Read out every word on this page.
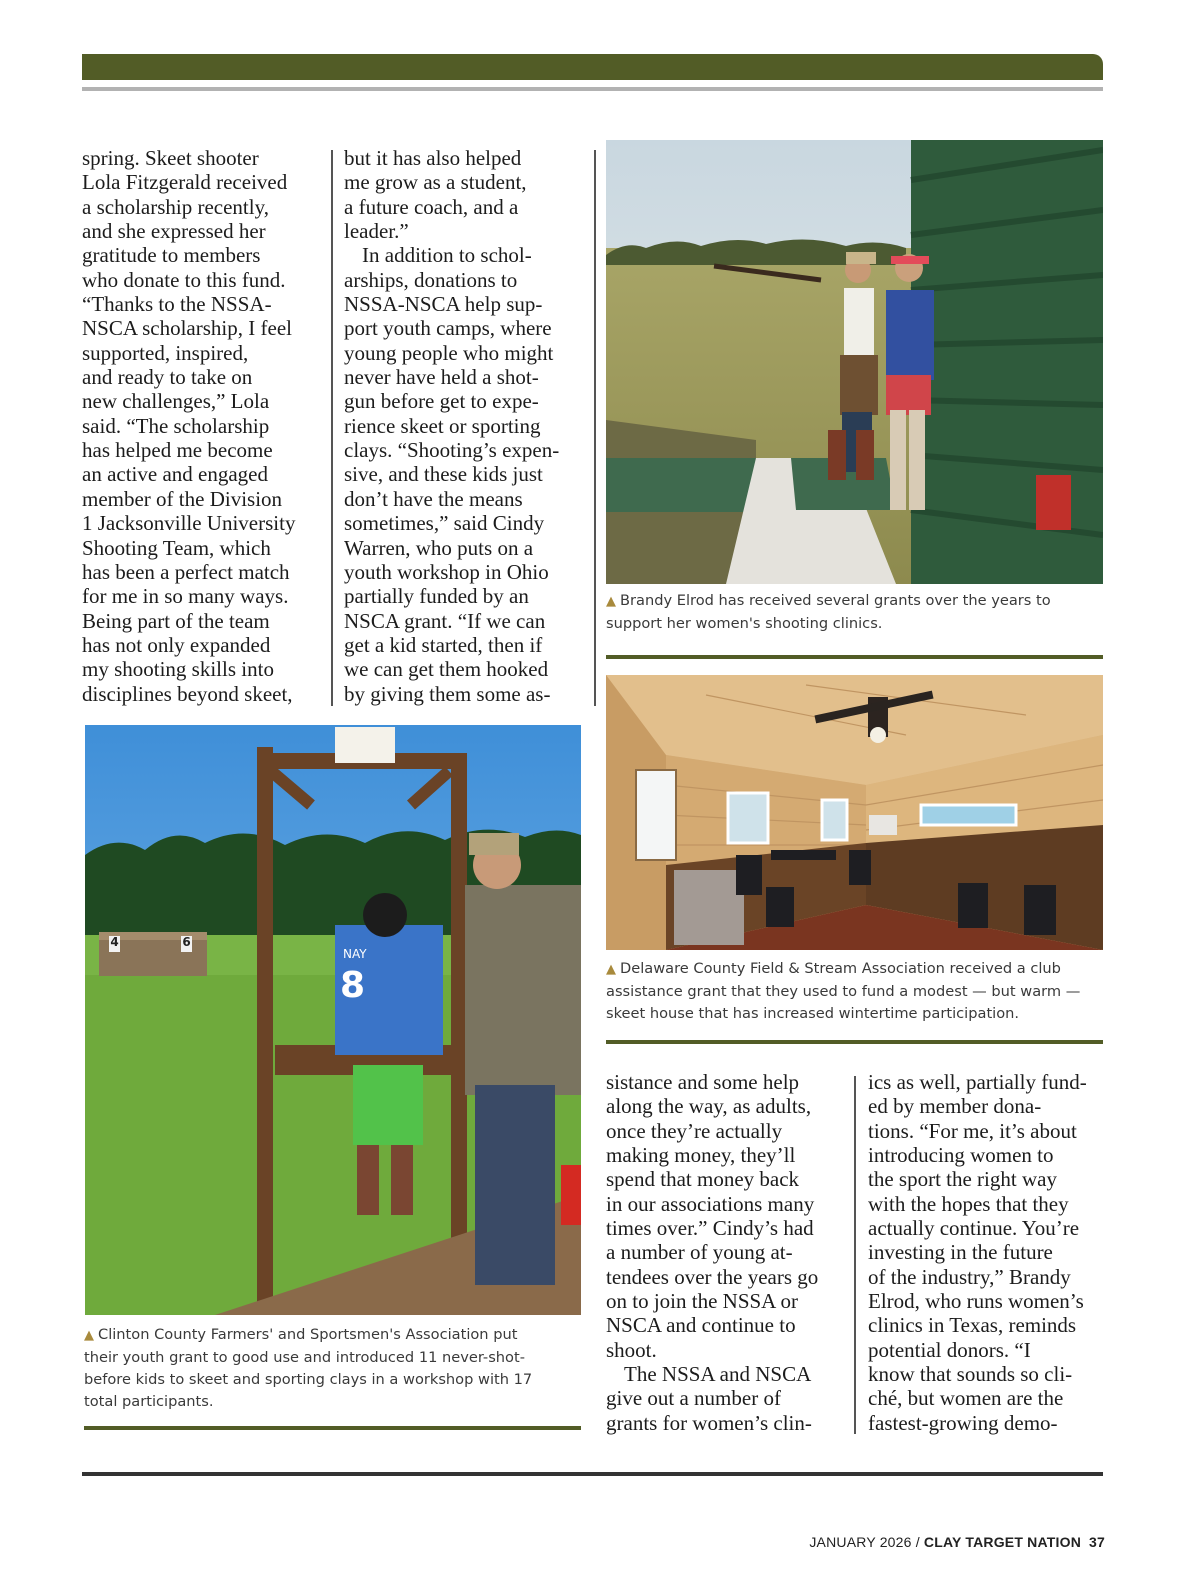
spring. Skeet shooter
Lola Fitzgerald received
a scholarship recently,
and she expressed her
gratitude to members
who donate to this fund.
“Thanks to the NSSA-
NSCA scholarship, I feel
supported, inspired,
and ready to take on
new challenges,” Lola
said. “The scholarship
has helped me become
an active and engaged
member of the Division
1 Jacksonville University
Shooting Team, which
has been a perfect match
for me in so many ways.
Being part of the team
has not only expanded
my shooting skills into
disciplines beyond skeet,
but it has also helped
me grow as a student,
a future coach, and a
leader.”
In addition to schol-
arships, donations to
NSSA-NSCA help sup-
port youth camps, where
young people who might
never have held a shot-
gun before get to expe-
rience skeet or sporting
clays. “Shooting’s expen-
sive, and these kids just
don’t have the means
sometimes,” said Cindy
Warren, who puts on a
youth workshop in Ohio
partially funded by an
NSCA grant. “If we can
get a kid started, then if
we can get them hooked
by giving them some as-
▲ Brandy Elrod has received several grants over the years to
support her women's shooting clinics.
▲ Delaware County Field & Stream Association received a club
assistance grant that they used to fund a modest — but warm —
skeet house that has increased wintertime participation.
4	6
NAY
8
▲ Clinton County Farmers' and Sportsmen's Association put
their youth grant to good use and introduced 11 never-shot-
before kids to skeet and sporting clays in a workshop with 17
total participants.
sistance and some help
along the way, as adults,
once they’re actually
making money, they’ll
spend that money back
in our associations many
times over.” Cindy’s had
a number of young at-
tendees over the years go
on to join the NSSA or
NSCA and continue to
shoot.
The NSSA and NSCA
give out a number of
grants for women’s clin-
ics as well, partially fund-
ed by member dona-
tions. “For me, it’s about
introducing women to
the sport the right way
with the hopes that they
actually continue. You’re
investing in the future
of the industry,” Brandy
Elrod, who runs women’s
clinics in Texas, reminds
potential donors. “I
know that sounds so cli-
ché, but women are the
fastest-growing demo-
JANUARY 2026 / CLAY TARGET NATION 37
